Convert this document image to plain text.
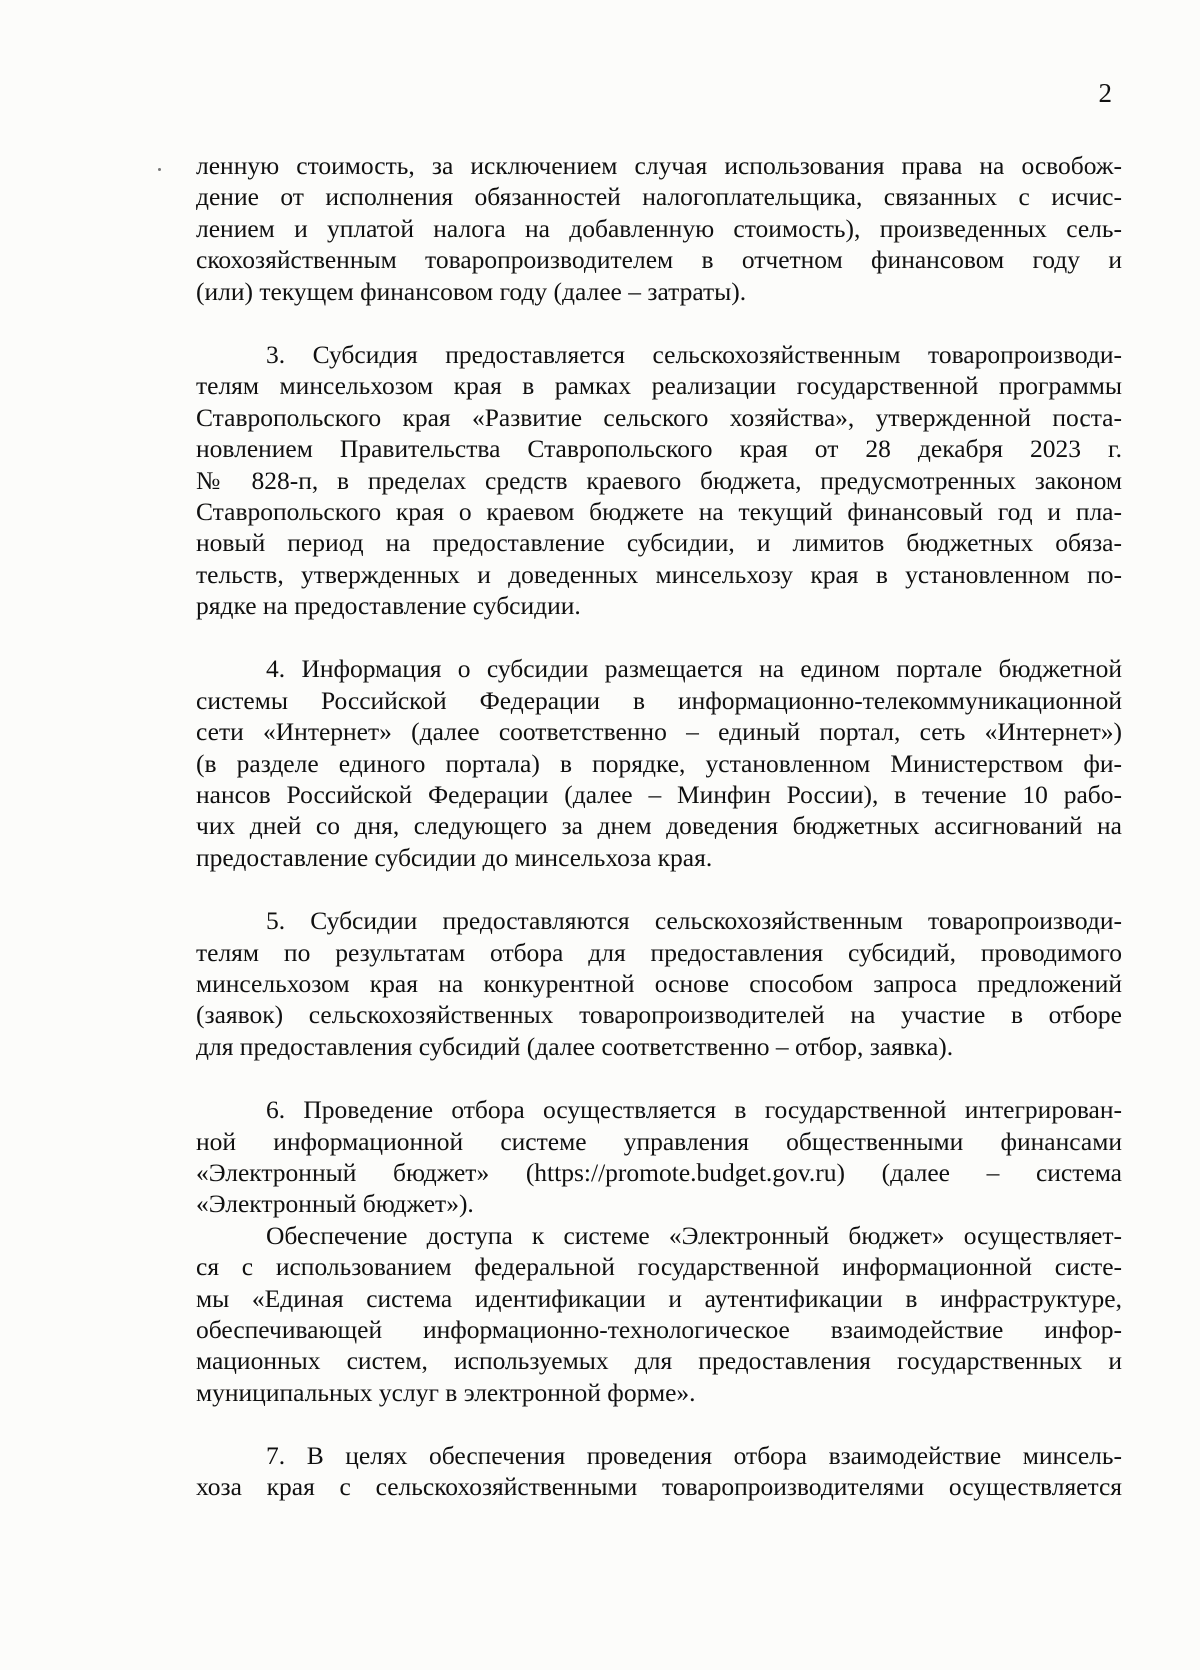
2
ленную стоимость, за исключением случая использования права на освобож-
дение от исполнения обязанностей налогоплательщика, связанных с исчис-
лением и уплатой налога на добавленную стоимость), произведенных сель-
скохозяйственным товаропроизводителем в отчетном финансовом году и
(или) текущем финансовом году (далее – затраты).
3. Субсидия предоставляется сельскохозяйственным товаропроизводи-
телям минсельхозом края в рамках реализации государственной программы
Ставропольского края «Развитие сельского хозяйства», утвержденной поста-
новлением Правительства Ставропольского края от 28 декабря 2023 г.
№ 828-п, в пределах средств краевого бюджета, предусмотренных законом
Ставропольского края о краевом бюджете на текущий финансовый год и пла-
новый период на предоставление субсидии, и лимитов бюджетных обяза-
тельств, утвержденных и доведенных минсельхозу края в установленном по-
рядке на предоставление субсидии.
4. Информация о субсидии размещается на едином портале бюджетной
системы Российской Федерации в информационно-телекоммуникационной
сети «Интернет» (далее соответственно – единый портал, сеть «Интернет»)
(в разделе единого портала) в порядке, установленном Министерством фи-
нансов Российской Федерации (далее – Минфин России), в течение 10 рабо-
чих дней со дня, следующего за днем доведения бюджетных ассигнований на
предоставление субсидии до минсельхоза края.
5. Субсидии предоставляются сельскохозяйственным товаропроизводи-
телям по результатам отбора для предоставления субсидий, проводимого
минсельхозом края на конкурентной основе способом запроса предложений
(заявок) сельскохозяйственных товаропроизводителей на участие в отборе
для предоставления субсидий (далее соответственно – отбор, заявка).
6. Проведение отбора осуществляется в государственной интегрирован-
ной информационной системе управления общественными финансами
«Электронный бюджет» (https://promote.budget.gov.ru) (далее – система
«Электронный бюджет»).
Обеспечение доступа к системе «Электронный бюджет» осуществляет-
ся с использованием федеральной государственной информационной систе-
мы «Единая система идентификации и аутентификации в инфраструктуре,
обеспечивающей информационно-технологическое взаимодействие инфор-
мационных систем, используемых для предоставления государственных и
муниципальных услуг в электронной форме».
7. В целях обеспечения проведения отбора взаимодействие минсель-
хоза края с сельскохозяйственными товаропроизводителями осуществляется
